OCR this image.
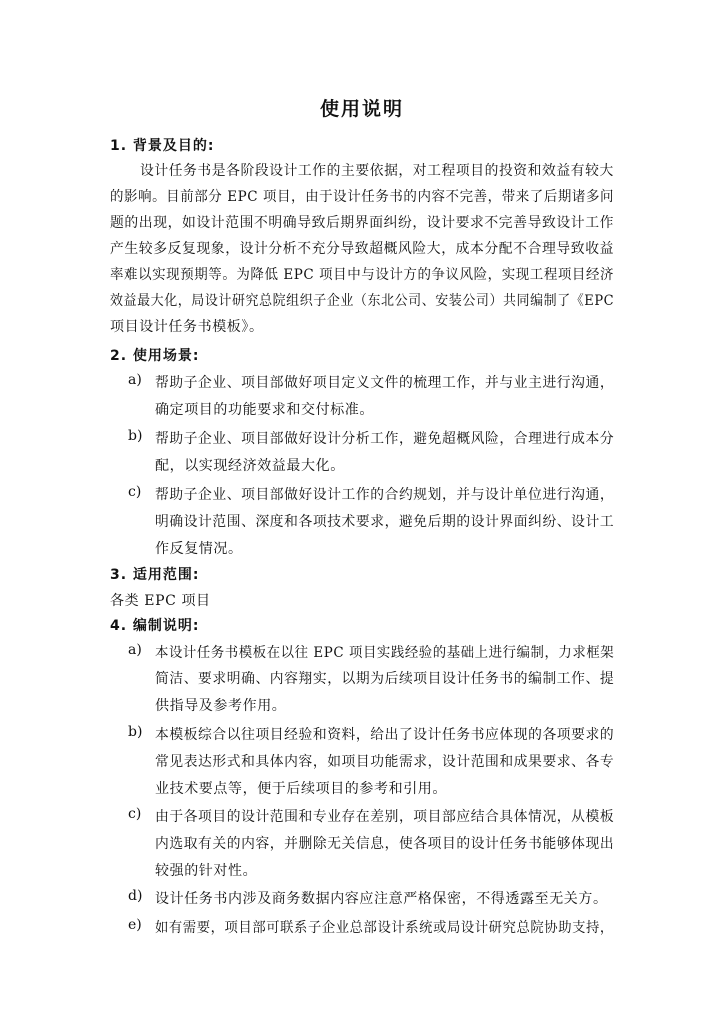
使用说明
1. 背景及目的:
设计任务书是各阶段设计工作的主要依据，对工程项目的投资和效益有较大
的影响。目前部分 EPC 项目，由于设计任务书的内容不完善，带来了后期诸多问
题的出现，如设计范围不明确导致后期界面纠纷，设计要求不完善导致设计工作
产生较多反复现象，设计分析不充分导致超概风险大，成本分配不合理导致收益
率难以实现预期等。为降低 EPC 项目中与设计方的争议风险，实现工程项目经济
效益最大化，局设计研究总院组织子企业（东北公司、安装公司）共同编制了《EPC
项目设计任务书模板》。
2. 使用场景:
a) 帮助子企业、项目部做好项目定义文件的梳理工作，并与业主进行沟通，
确定项目的功能要求和交付标准。
b) 帮助子企业、项目部做好设计分析工作，避免超概风险，合理进行成本分
配，以实现经济效益最大化。
c) 帮助子企业、项目部做好设计工作的合约规划，并与设计单位进行沟通，
明确设计范围、深度和各项技术要求，避免后期的设计界面纠纷、设计工
作反复情况。
3. 适用范围:
各类 EPC 项目
4. 编制说明:
a) 本设计任务书模板在以往 EPC 项目实践经验的基础上进行编制，力求框架
简洁、要求明确、内容翔实，以期为后续项目设计任务书的编制工作、提
供指导及参考作用。
b) 本模板综合以往项目经验和资料，给出了设计任务书应体现的各项要求的
常见表达形式和具体内容，如项目功能需求，设计范围和成果要求、各专
业技术要点等，便于后续项目的参考和引用。
c) 由于各项目的设计范围和专业存在差别，项目部应结合具体情况，从模板
内选取有关的内容，并删除无关信息，使各项目的设计任务书能够体现出
较强的针对性。
d) 设计任务书内涉及商务数据内容应注意严格保密，不得透露至无关方。
e) 如有需要，项目部可联系子企业总部设计系统或局设计研究总院协助支持，
